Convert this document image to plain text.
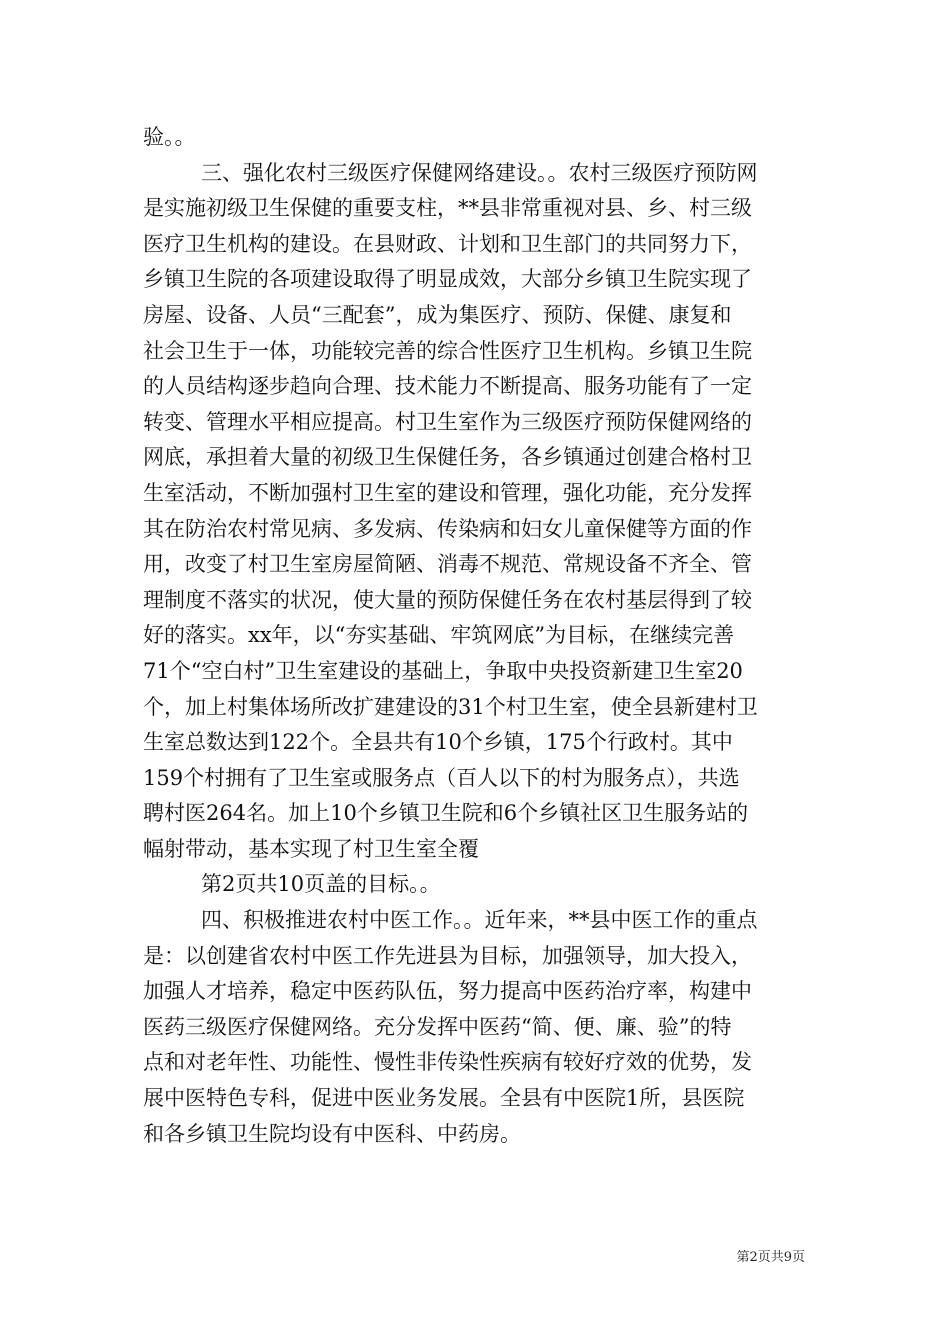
验。。
三、强化农村三级医疗保健网络建设。。农村三级医疗预防网
是实施初级卫生保健的重要支柱，**县非常重视对县、乡、村三级
医疗卫生机构的建设。在县财政、计划和卫生部门的共同努力下，
乡镇卫生院的各项建设取得了明显成效，大部分乡镇卫生院实现了
房屋、设备、人员“三配套”，成为集医疗、预防、保健、康复和
社会卫生于一体，功能较完善的综合性医疗卫生机构。乡镇卫生院
的人员结构逐步趋向合理、技术能力不断提高、服务功能有了一定
转变、管理水平相应提高。村卫生室作为三级医疗预防保健网络的
网底，承担着大量的初级卫生保健任务，各乡镇通过创建合格村卫
生室活动，不断加强村卫生室的建设和管理，强化功能，充分发挥
其在防治农村常见病、多发病、传染病和妇女儿童保健等方面的作
用，改变了村卫生室房屋简陋、消毒不规范、常规设备不齐全、管
理制度不落实的状况，使大量的预防保健任务在农村基层得到了较
好的落实。xx年，以“夯实基础、牢筑网底”为目标，在继续完善
71个“空白村”卫生室建设的基础上，争取中央投资新建卫生室20
个，加上村集体场所改扩建建设的31个村卫生室，使全县新建村卫
生室总数达到122个。全县共有10个乡镇，175个行政村。其中
159个村拥有了卫生室或服务点（百人以下的村为服务点），共选
聘村医264名。加上10个乡镇卫生院和6个乡镇社区卫生服务站的
幅射带动，基本实现了村卫生室全覆
第2页共10页盖的目标。。
四、积极推进农村中医工作。。近年来，**县中医工作的重点
是：以创建省农村中医工作先进县为目标，加强领导，加大投入，
加强人才培养，稳定中医药队伍，努力提高中医药治疗率，构建中
医药三级医疗保健网络。充分发挥中医药“简、便、廉、验”的特
点和对老年性、功能性、慢性非传染性疾病有较好疗效的优势，发
展中医特色专科，促进中医业务发展。全县有中医院1所，县医院
和各乡镇卫生院均设有中医科、中药房。
第2页共9页
